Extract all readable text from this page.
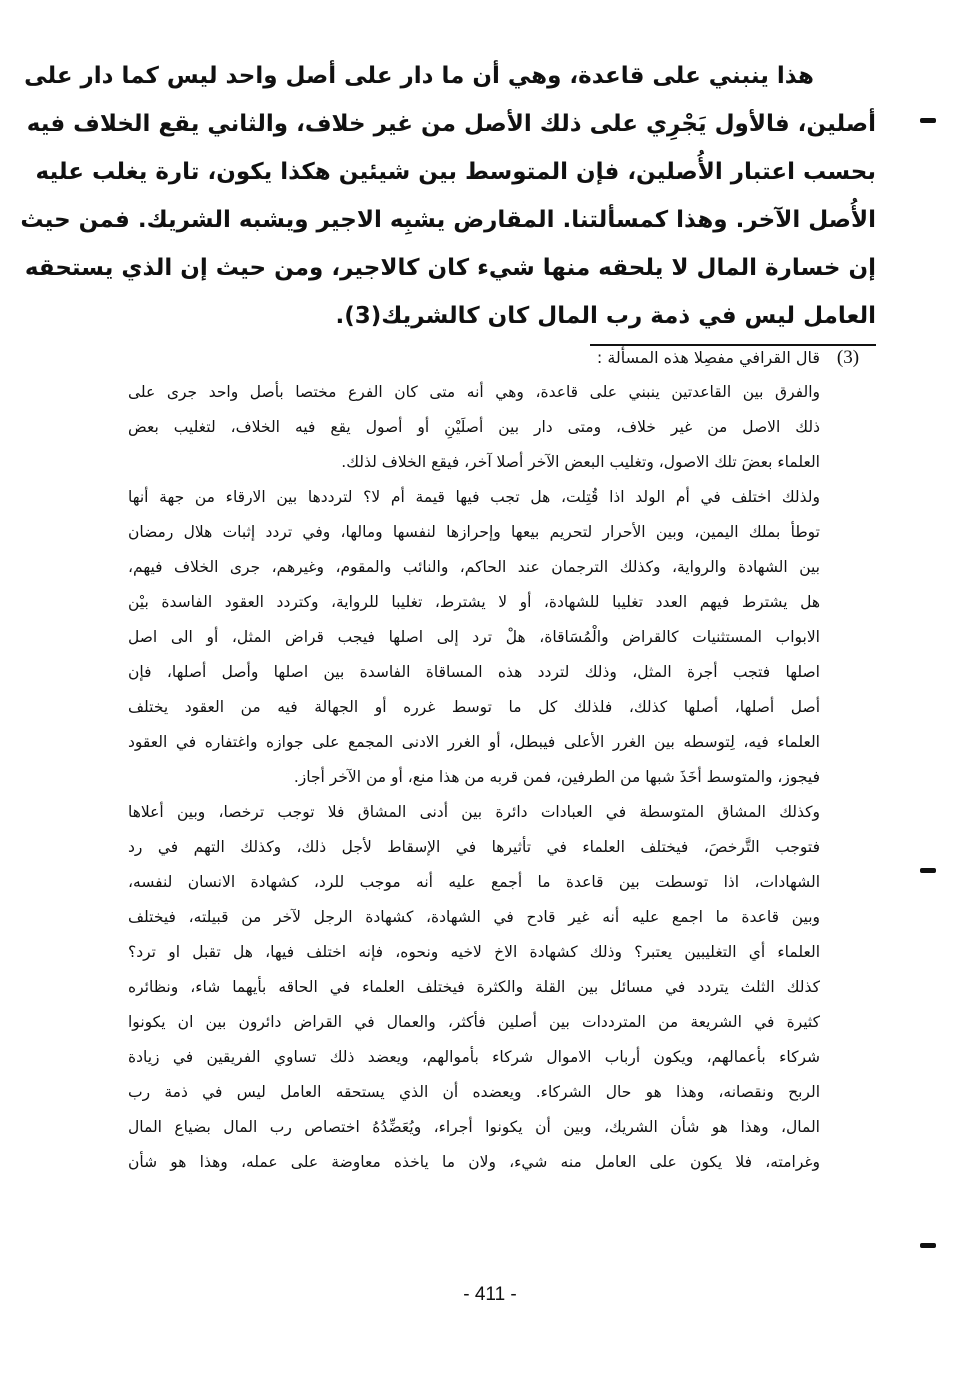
هذا ينبني على قاعدة، وهي أن ما دار على أصل واحد ليس كما دار على
أصلين، فالأول يَجْرِي على ذلك الأصل من غير خلاف، والثاني يقع الخلاف فيه
بحسب اعتبار الأُصلين، فإن المتوسط بين شيئين هكذا يكون، تارة يغلب عليه
الأُصل الآخر. وهذا كمسألتنا. المقارض يشبِه الاجير ويشبه الشريك. فمن حيث
إن خسارة المال لا يلحقه منها شيء كان كالاجير، ومن حيث إن الذي يستحقه
العامل ليس في ذمة رب المال كان كالشريك(3).
(3)
قال القرافي مفصِلا هذه المسألة :
والفرق بين القاعدتين ينبني على قاعدة، وهي أنه متى كان الفرع مختصا بأصل واحد جرى على
ذلك الاصل من غير خلاف، ومتى دار بين أصلَيْنِ أو أصول يقع فيه الخلاف، لتغليب بعض
العلماء بعضَ تلك الاصول، وتغليب البعض الآخر أصلا آخر، فيقع الخلاف لذلك.
ولذلك اختلف في أم الولد اذا قُتِلت، هل تجب فيها قيمة أم لا؟ لترددها بين الارقاء من جهة أنها
توطأ بملك اليمين، وبين الأحرار لتحريم بيعها وإحرازها لنفسها ومالها، وفي تردد إثبات هلال رمضان
بين الشهادة والرواية، وكذلك الترجمان عند الحاكم، والنائب والمقوم، وغيرهم، جرى الخلاف فيهم،
هل يشترط فيهم العدد تغليبا للشهادة، أو لا يشترط، تغليبا للرواية، وكتردد العقود الفاسدة بيْن
الابواب المستثنيات كالقراض والْمُسَاقاة، هلْ ترد إلى اصلها فيجب قراض المثل، أو الى اصل
اصلها فتجب أجرة المثل، وذلك لتردد هذه المساقاة الفاسدة بين اصلها وأصل أصلها، فإن
أصل أصلها، أصلها كذلك، فلذلك كل ما توسط غرره أو الجهالة فيه من العقود يختلف
العلماء فيه، لِتوسطه بين الغرر الأعلى فيبطل، أو الغرر الادنى المجمع على جوازه واغتفاره في العقود
فيجوز، والمتوسط أخَذَ شبها من الطرفين، فمن قربه من هذا منع، أو من الآخر أجاز.
وكذلك المشاق المتوسطة في العبادات دائرة بين أدنى المشاق فلا توجب ترخصا، وبين أعلاها
فتوجب التَّرخصَ، فيختلف العلماء في تأثيرها في الإسقاط لأجل ذلك، وكذلك التهم في رد
الشهادات، اذا توسطت بين قاعدة ما أجمع عليه أنه موجب للرد، كشهادة الانسان لنفسه،
وبين قاعدة ما اجمع عليه أنه غير قادح في الشهادة، كشهادة الرجل لآخر من قبيلته، فيختلف
العلماء أي التغليبين يعتبر؟ وذلك كشهادة الاخ لاخيه ونحوه، فإنه اختلف فيها، هل تقبل او ترد؟
كذلك الثلث يتردد في مسائل بين القلة والكثرة فيختلف العلماء في الحاقه بأيهما شاء، ونظائره
كثيرة في الشريعة من المترددات بين أصلين فأكثر، والعمال في القراض دائرون بين ان يكونوا
شركاء بأعمالهم، ويكون أرباب الاموال شركاء بأموالهم، ويعضد ذلك تساوي الفريقين في زيادة
الربح ونقصانه، وهذا هو حال الشركاء. ويعضده أن الذي يستحقه العامل ليس في ذمة رب
المال، وهذا هو شأن الشريك، وبين أن يكونوا أجراء، ويُعَضِّدُهُ اختصاص رب المال بضياع المال
وغرامته، فلا يكون على العامل منه شيء، ولان ما ياخذه معاوضة على عمله، وهذا هو شأن
- 411 -
